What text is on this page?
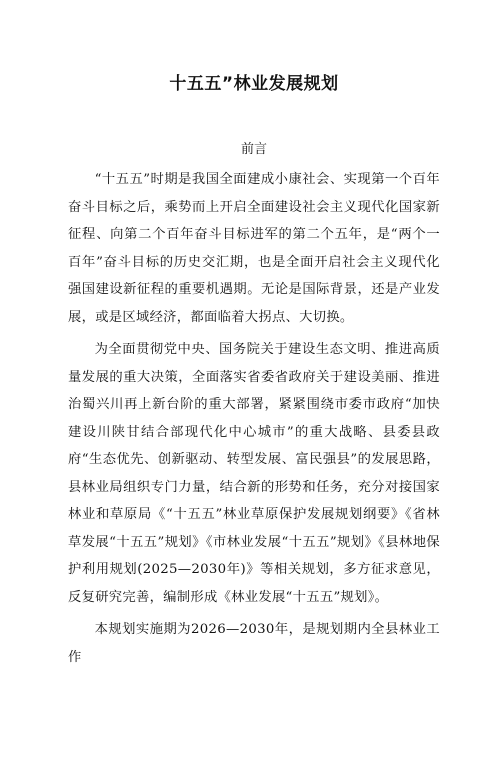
十五五”林业发展规划
前言

“十五五”时期是我国全面建成小康社会、实现第一个百年奋斗目标之后，乘势而上开启全面建设社会主义现代化国家新征程、向第二个百年奋斗目标进军的第二个五年，是“两个一百年”奋斗目标的历史交汇期，也是全面开启社会主义现代化强国建设新征程的重要机遇期。无论是国际背景，还是产业发展，或是区域经济，都面临着大拐点、大切换。

为全面贯彻党中央、国务院关于建设生态文明、推进高质量发展的重大决策，全面落实省委省政府关于建设美丽、推进治蜀兴川再上新台阶的重大部署，紧紧围绕市委市政府“加快建设川陕甘结合部现代化中心城市”的重大战略、县委县政府“生态优先、创新驱动、转型发展、富民强县”的发展思路，县林业局组织专门力量，结合新的形势和任务，充分对接国家林业和草原局《“十五五”林业草原保护发展规划纲要》《省林草发展“十五五”规划》《市林业发展“十五五”规划》《县林地保护利用规划(2025—2030年)》等相关规划，多方征求意见，反复研究完善，编制形成《林业发展“十五五”规划》。

本规划实施期为2026—2030年，是规划期内全县林业工作
